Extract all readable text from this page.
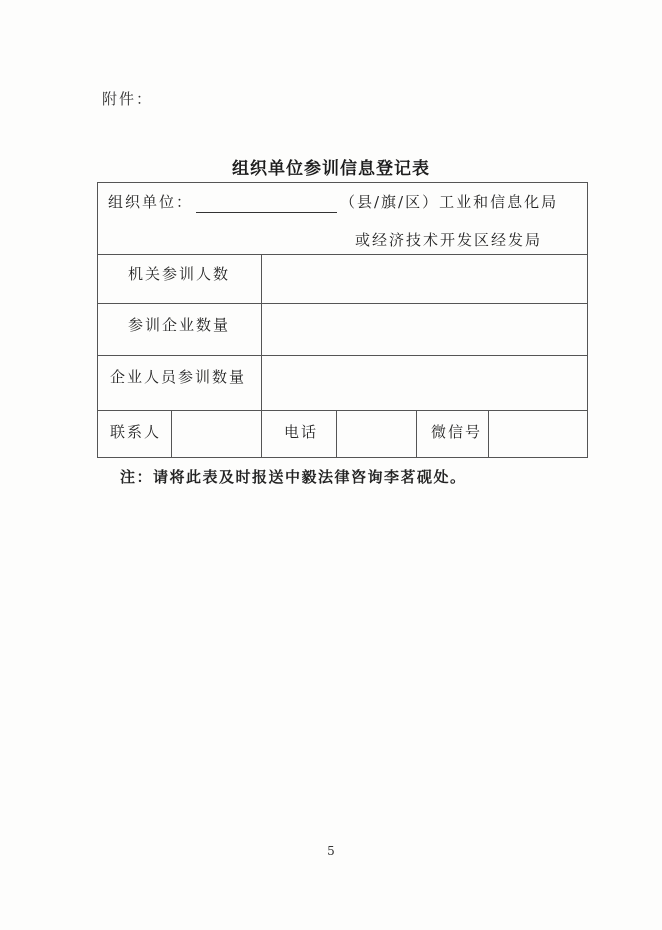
附件：
组织单位参训信息登记表
组织单位：	（县/旗/区）工业和信息化局
或经济技术开发区经发局
机关参训人数
参训企业数量
企业人员参训数量
联系人	电话	微信号
注：请将此表及时报送中毅法律咨询李茗砚处。
5
